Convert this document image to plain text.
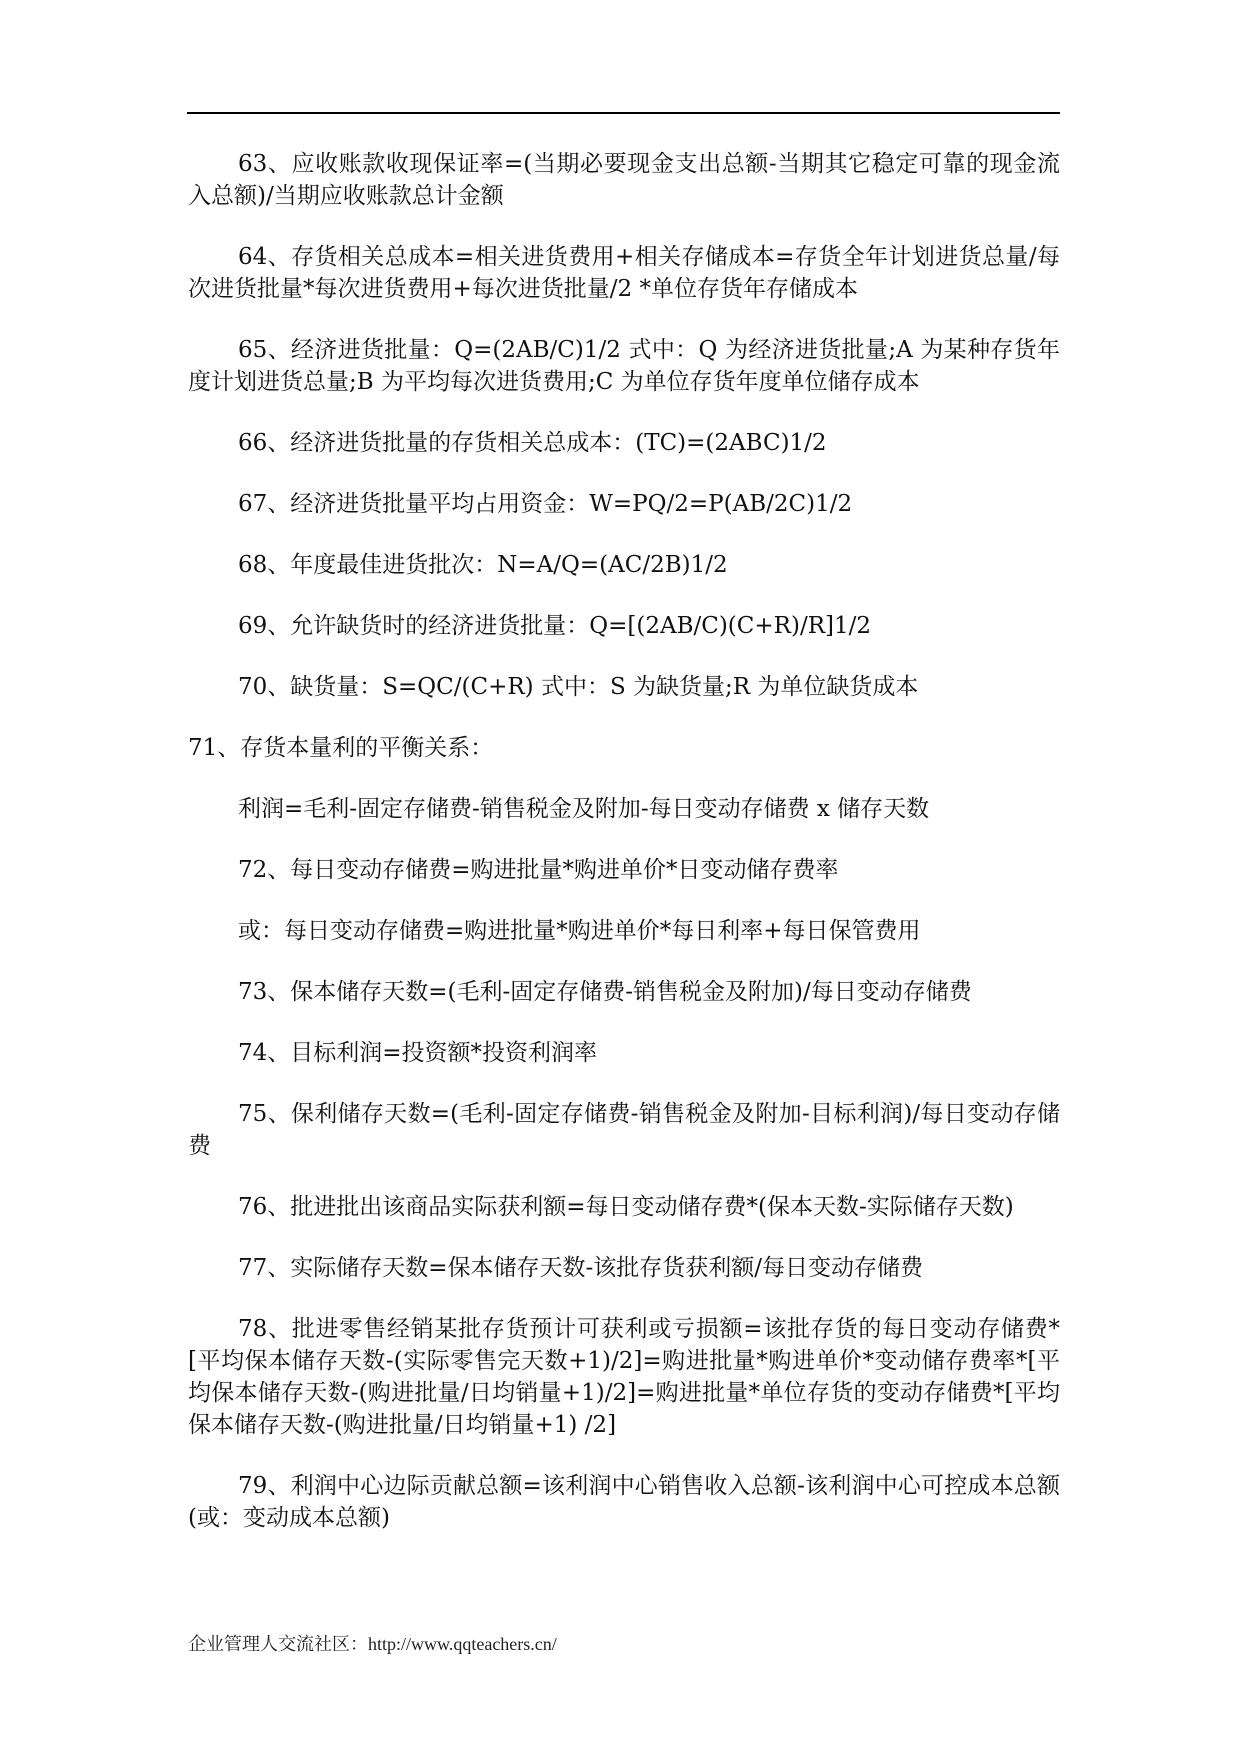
63、应收账款收现保证率=(当期必要现金支出总额-当期其它稳定可靠的现金流入总额)/当期应收账款总计金额

64、存货相关总成本=相关进货费用+相关存储成本=存货全年计划进货总量/每次进货批量*每次进货费用+每次进货批量/2 *单位存货年存储成本

65、经济进货批量：Q=(2AB/C)1/2 式中：Q 为经济进货批量;A 为某种存货年度计划进货总量;B 为平均每次进货费用;C 为单位存货年度单位储存成本

66、经济进货批量的存货相关总成本：(TC)=(2ABC)1/2

67、经济进货批量平均占用资金：W=PQ/2=P(AB/2C)1/2

68、年度最佳进货批次：N=A/Q=(AC/2B)1/2

69、允许缺货时的经济进货批量：Q=[(2AB/C)(C+R)/R]1/2

70、缺货量：S=QC/(C+R) 式中：S 为缺货量;R 为单位缺货成本

71、存货本量利的平衡关系：

利润=毛利-固定存储费-销售税金及附加-每日变动存储费 x 储存天数

72、每日变动存储费=购进批量*购进单价*日变动储存费率

或：每日变动存储费=购进批量*购进单价*每日利率+每日保管费用

73、保本储存天数=(毛利-固定存储费-销售税金及附加)/每日变动存储费

74、目标利润=投资额*投资利润率

75、保利储存天数=(毛利-固定存储费-销售税金及附加-目标利润)/每日变动存储费

76、批进批出该商品实际获利额=每日变动储存费*(保本天数-实际储存天数)

77、实际储存天数=保本储存天数-该批存货获利额/每日变动存储费

78、批进零售经销某批存货预计可获利或亏损额=该批存货的每日变动存储费*[平均保本储存天数-(实际零售完天数+1)/2]=购进批量*购进单价*变动储存费率*[平均保本储存天数-(购进批量/日均销量+1)/2]=购进批量*单位存货的变动存储费*[平均保本储存天数-(购进批量/日均销量+1) /2]

79、利润中心边际贡献总额=该利润中心销售收入总额-该利润中心可控成本总额(或：变动成本总额)

企业管理人交流社区：http://www.qqteachers.cn/
